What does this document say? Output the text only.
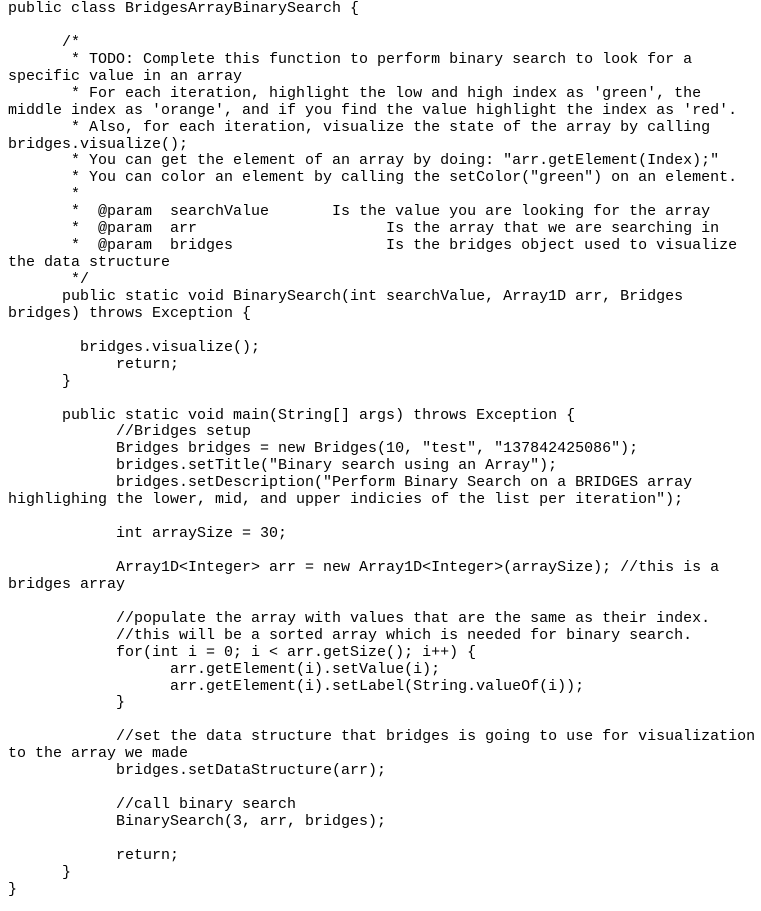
public class BridgesArrayBinarySearch {
/*
* TODO: Complete this function to perform binary search to look for a
specific value in an array
* For each iteration, highlight the low and high index as 'green', the
middle index as 'orange', and if you find the value highlight the index as 'red'.
* Also, for each iteration, visualize the state of the array by calling
bridges.visualize();
* You can get the element of an array by doing: "arr.getElement(Index);"
* You can color an element by calling the setColor("green") on an element.
*
*  @param  searchValue       Is the value you are looking for the array
*  @param  arr                     Is the array that we are searching in
*  @param  bridges                 Is the bridges object used to visualize
the data structure
*/
public static void BinarySearch(int searchValue, Array1D arr, Bridges
bridges) throws Exception {
bridges.visualize();
return;
}
public static void main(String[] args) throws Exception {
//Bridges setup
Bridges bridges = new Bridges(10, "test", "137842425086");
bridges.setTitle("Binary search using an Array");
bridges.setDescription("Perform Binary Search on a BRIDGES array
highlighing the lower, mid, and upper indicies of the list per iteration");
int arraySize = 30;
Array1D<Integer> arr = new Array1D<Integer>(arraySize); //this is a
bridges array
//populate the array with values that are the same as their index.
//this will be a sorted array which is needed for binary search.
for(int i = 0; i < arr.getSize(); i++) {
arr.getElement(i).setValue(i);
arr.getElement(i).setLabel(String.valueOf(i));
}
//set the data structure that bridges is going to use for visualization
to the array we made
bridges.setDataStructure(arr);
//call binary search
BinarySearch(3, arr, bridges);
return;
}
}
